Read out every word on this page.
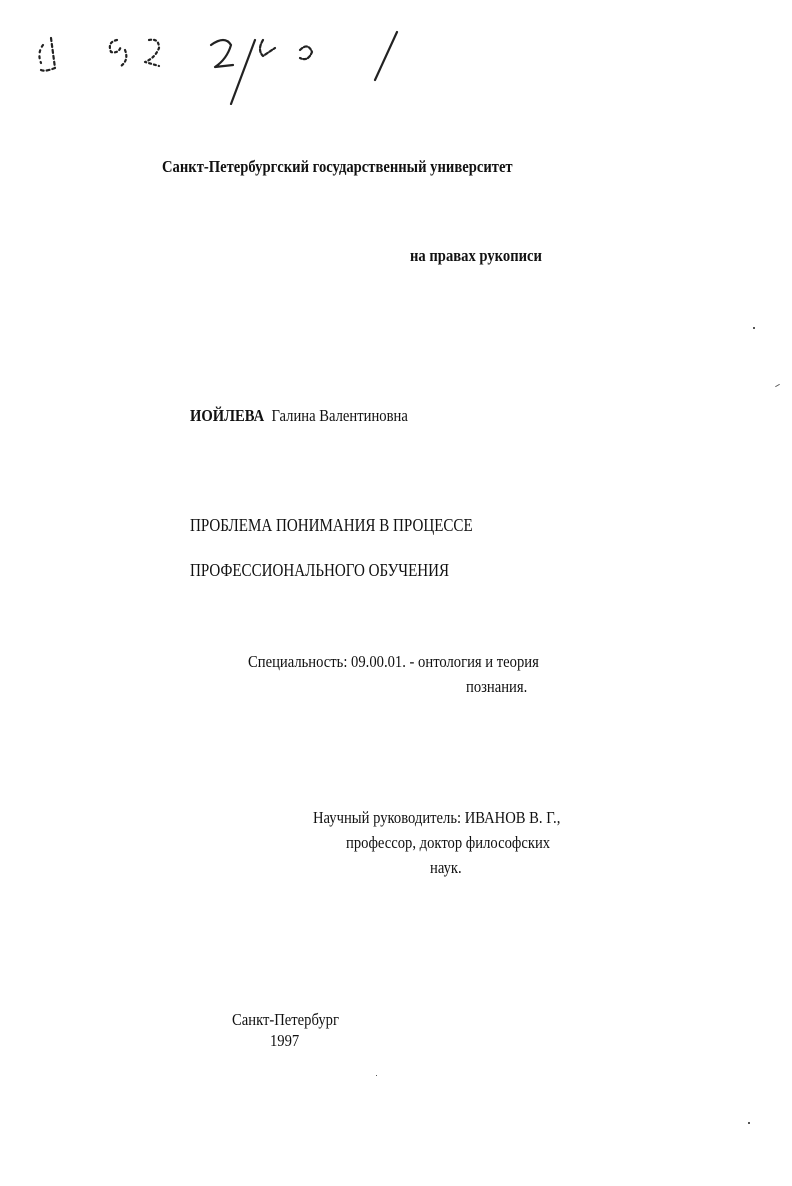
Санкт-Петербургский государственный университет
на правах рукописи
ИОЙЛЕВА Галина Валентиновна
ПРОБЛЕМА ПОНИМАНИЯ В ПРОЦЕССЕ
ПРОФЕССИОНАЛЬНОГО ОБУЧЕНИЯ
Специальность: 09.00.01. - онтология и теория
познания.
Научный руководитель: ИВАНОВ В. Г.,
профессор, доктор философских
наук.
Санкт-Петербург
1997
